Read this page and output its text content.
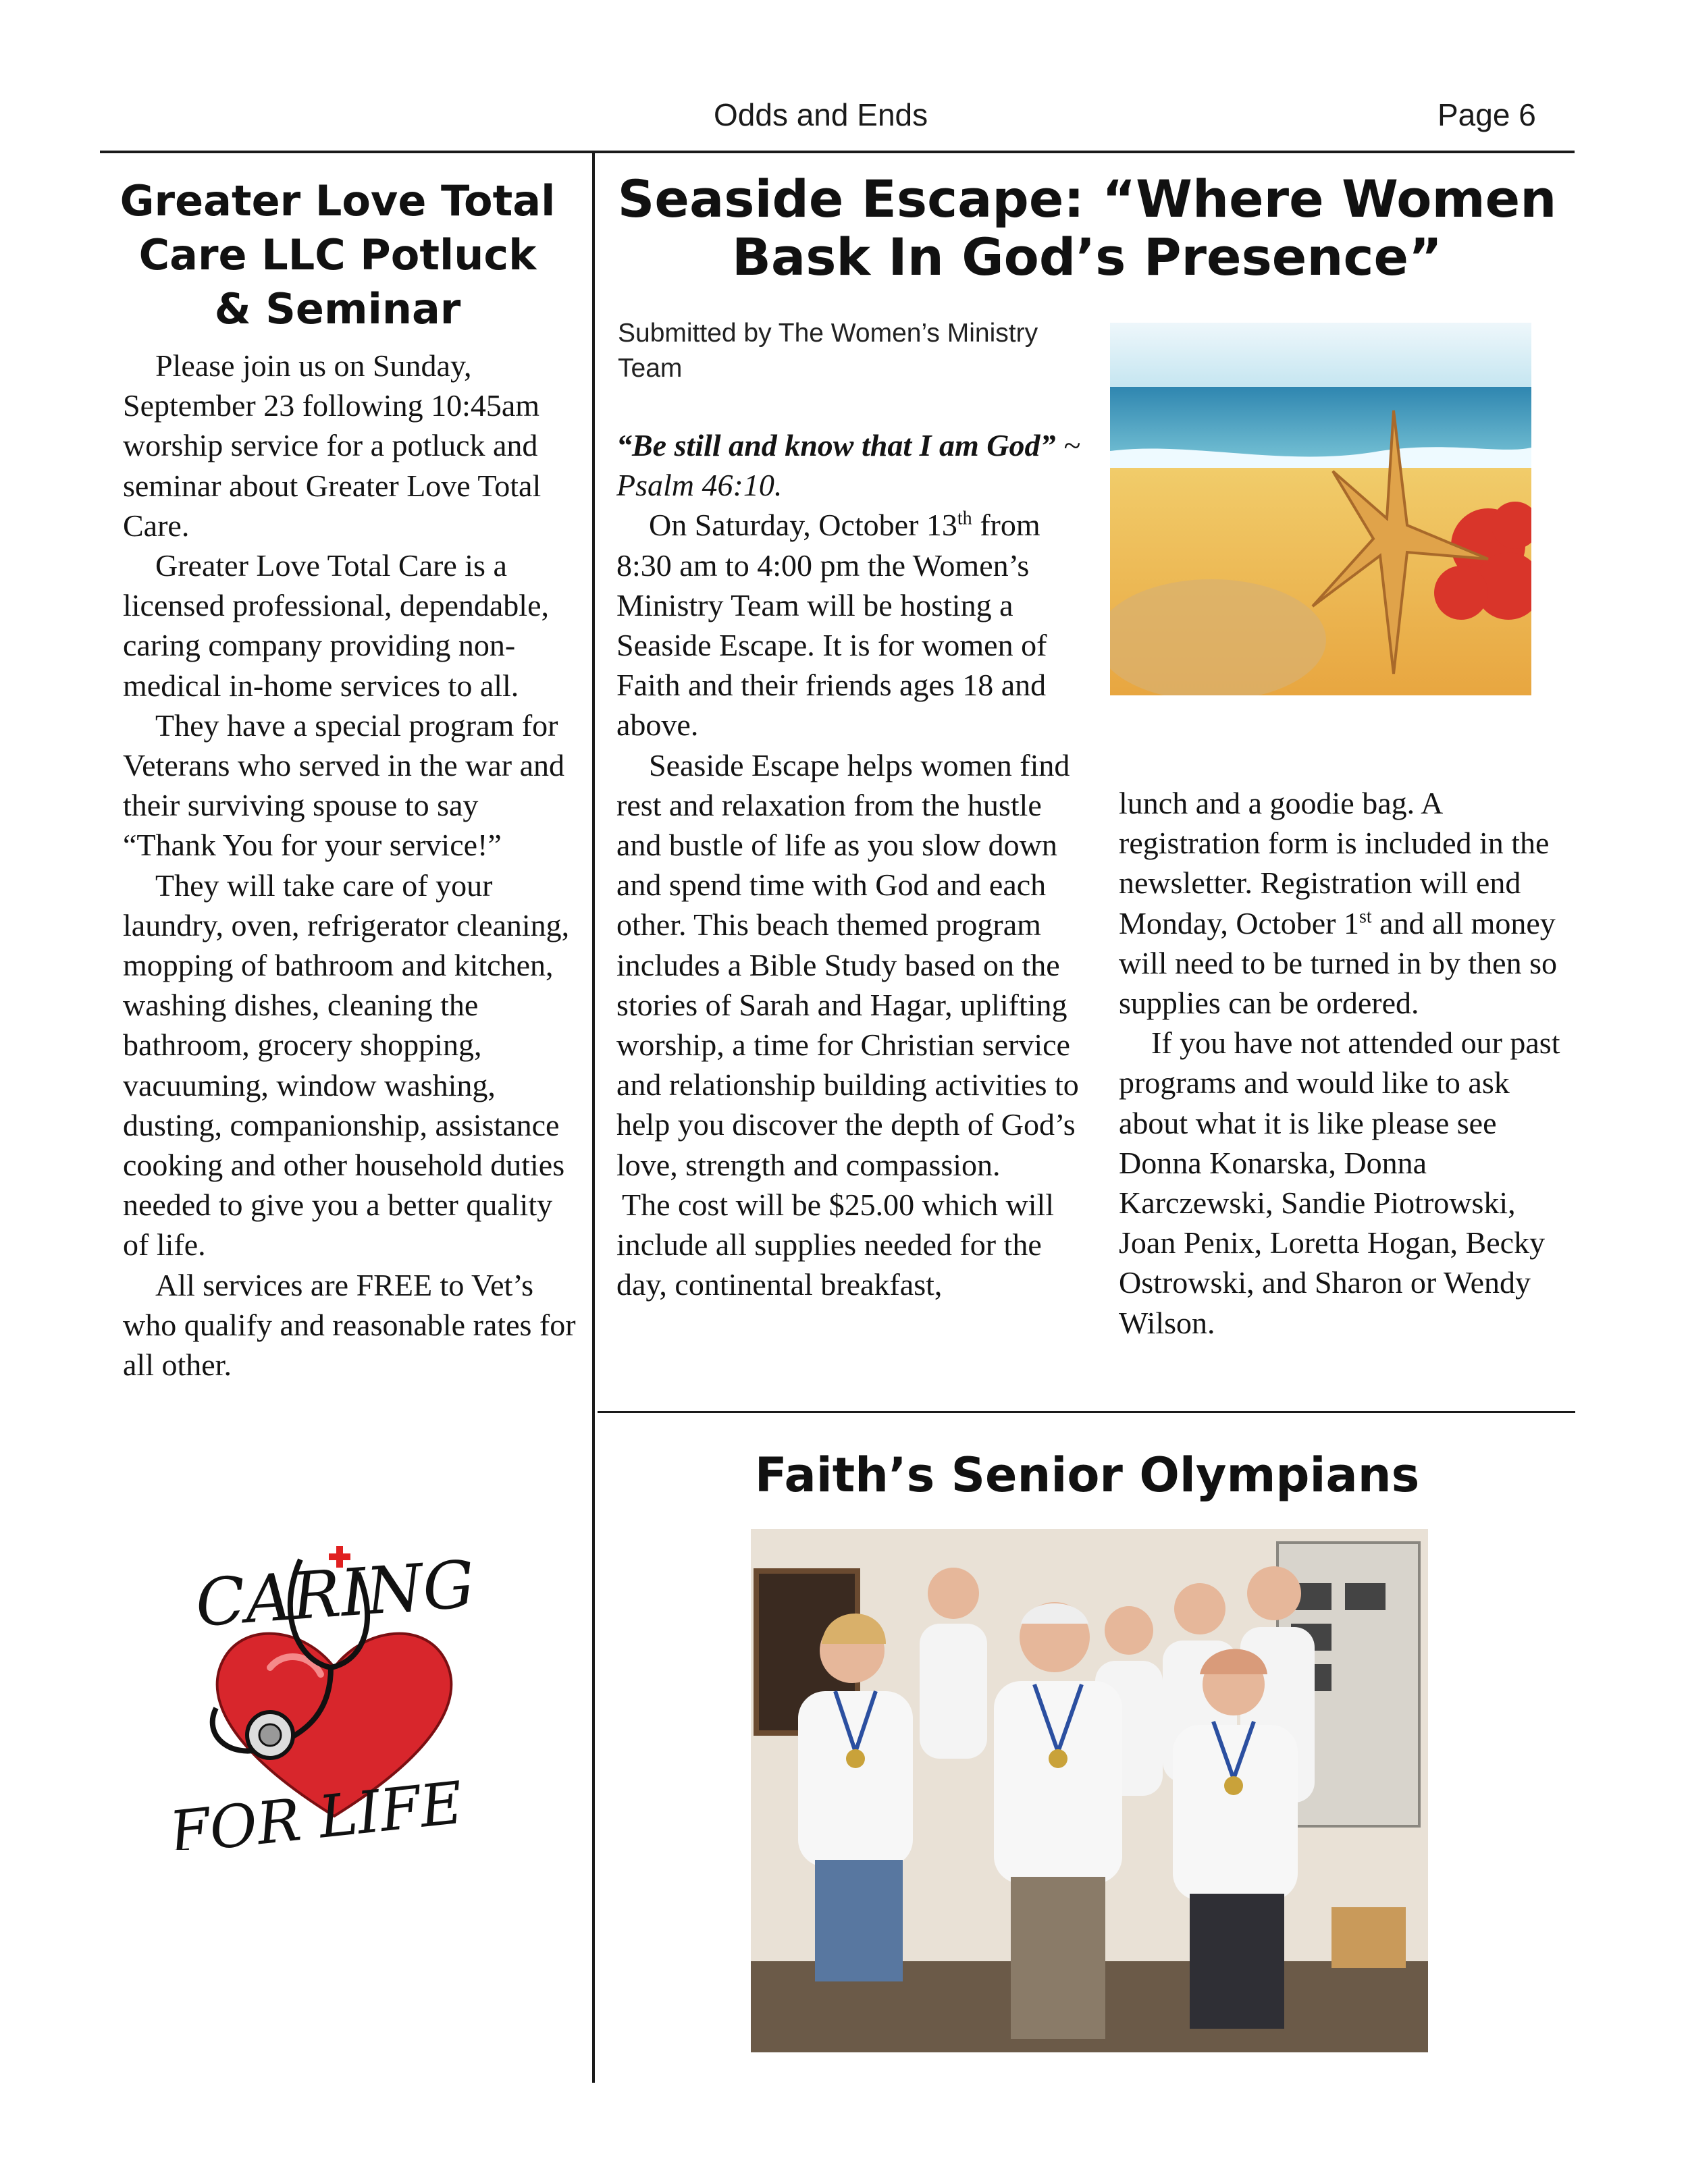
Odds and Ends	Page 6
Greater Love Total
Care LLC Potluck
& Seminar

Please join us on Sunday, September 23 following 10:45am worship service for a potluck and seminar about Greater Love Total Care.

Greater Love Total Care is a licensed professional, dependable, caring company providing non-medical in-home services to all.

They have a special program for Veterans who served in the war and their surviving spouse to say “Thank You for your service!”

They will take care of your laundry, oven, refrigerator cleaning, mopping of bathroom and kitchen, washing dishes, cleaning the bathroom, grocery shopping, vacuuming, window washing, dusting, companionship, assistance cooking and other household duties needed to give you a better quality of life.

All services are FREE to Vet’s who qualify and reasonable rates for all other.

CARING
FOR LIFE
Seaside Escape: “Where Women
Bask In God’s Presence”
Submitted by The Women’s Ministry
Team

“Be still and know that I am God” ~ Psalm 46:10.

On Saturday, October 13th from 8:30 am to 4:00 pm the Women’s Ministry Team will be hosting a Seaside Escape. It is for women of Faith and their friends ages 18 and above.

Seaside Escape helps women find rest and relaxation from the hustle and bustle of life as you slow down and spend time with God and each other. This beach themed program includes a Bible Study based on the stories of Sarah and Hagar, uplifting worship, a time for Christian service and relationship building activities to help you discover the depth of God’s love, strength and compassion.

The cost will be $25.00 which will include all supplies needed for the day, continental breakfast,

lunch and a goodie bag. A registration form is included in the newsletter. Registration will end Monday, October 1st and all money will need to be turned in by then so supplies can be ordered.

If you have not attended our past programs and would like to ask about what it is like please see Donna Konarska, Donna Karczewski, Sandie Piotrowski, Joan Penix, Loretta Hogan, Becky Ostrowski, and Sharon or Wendy Wilson.

Faith’s Senior Olympians
